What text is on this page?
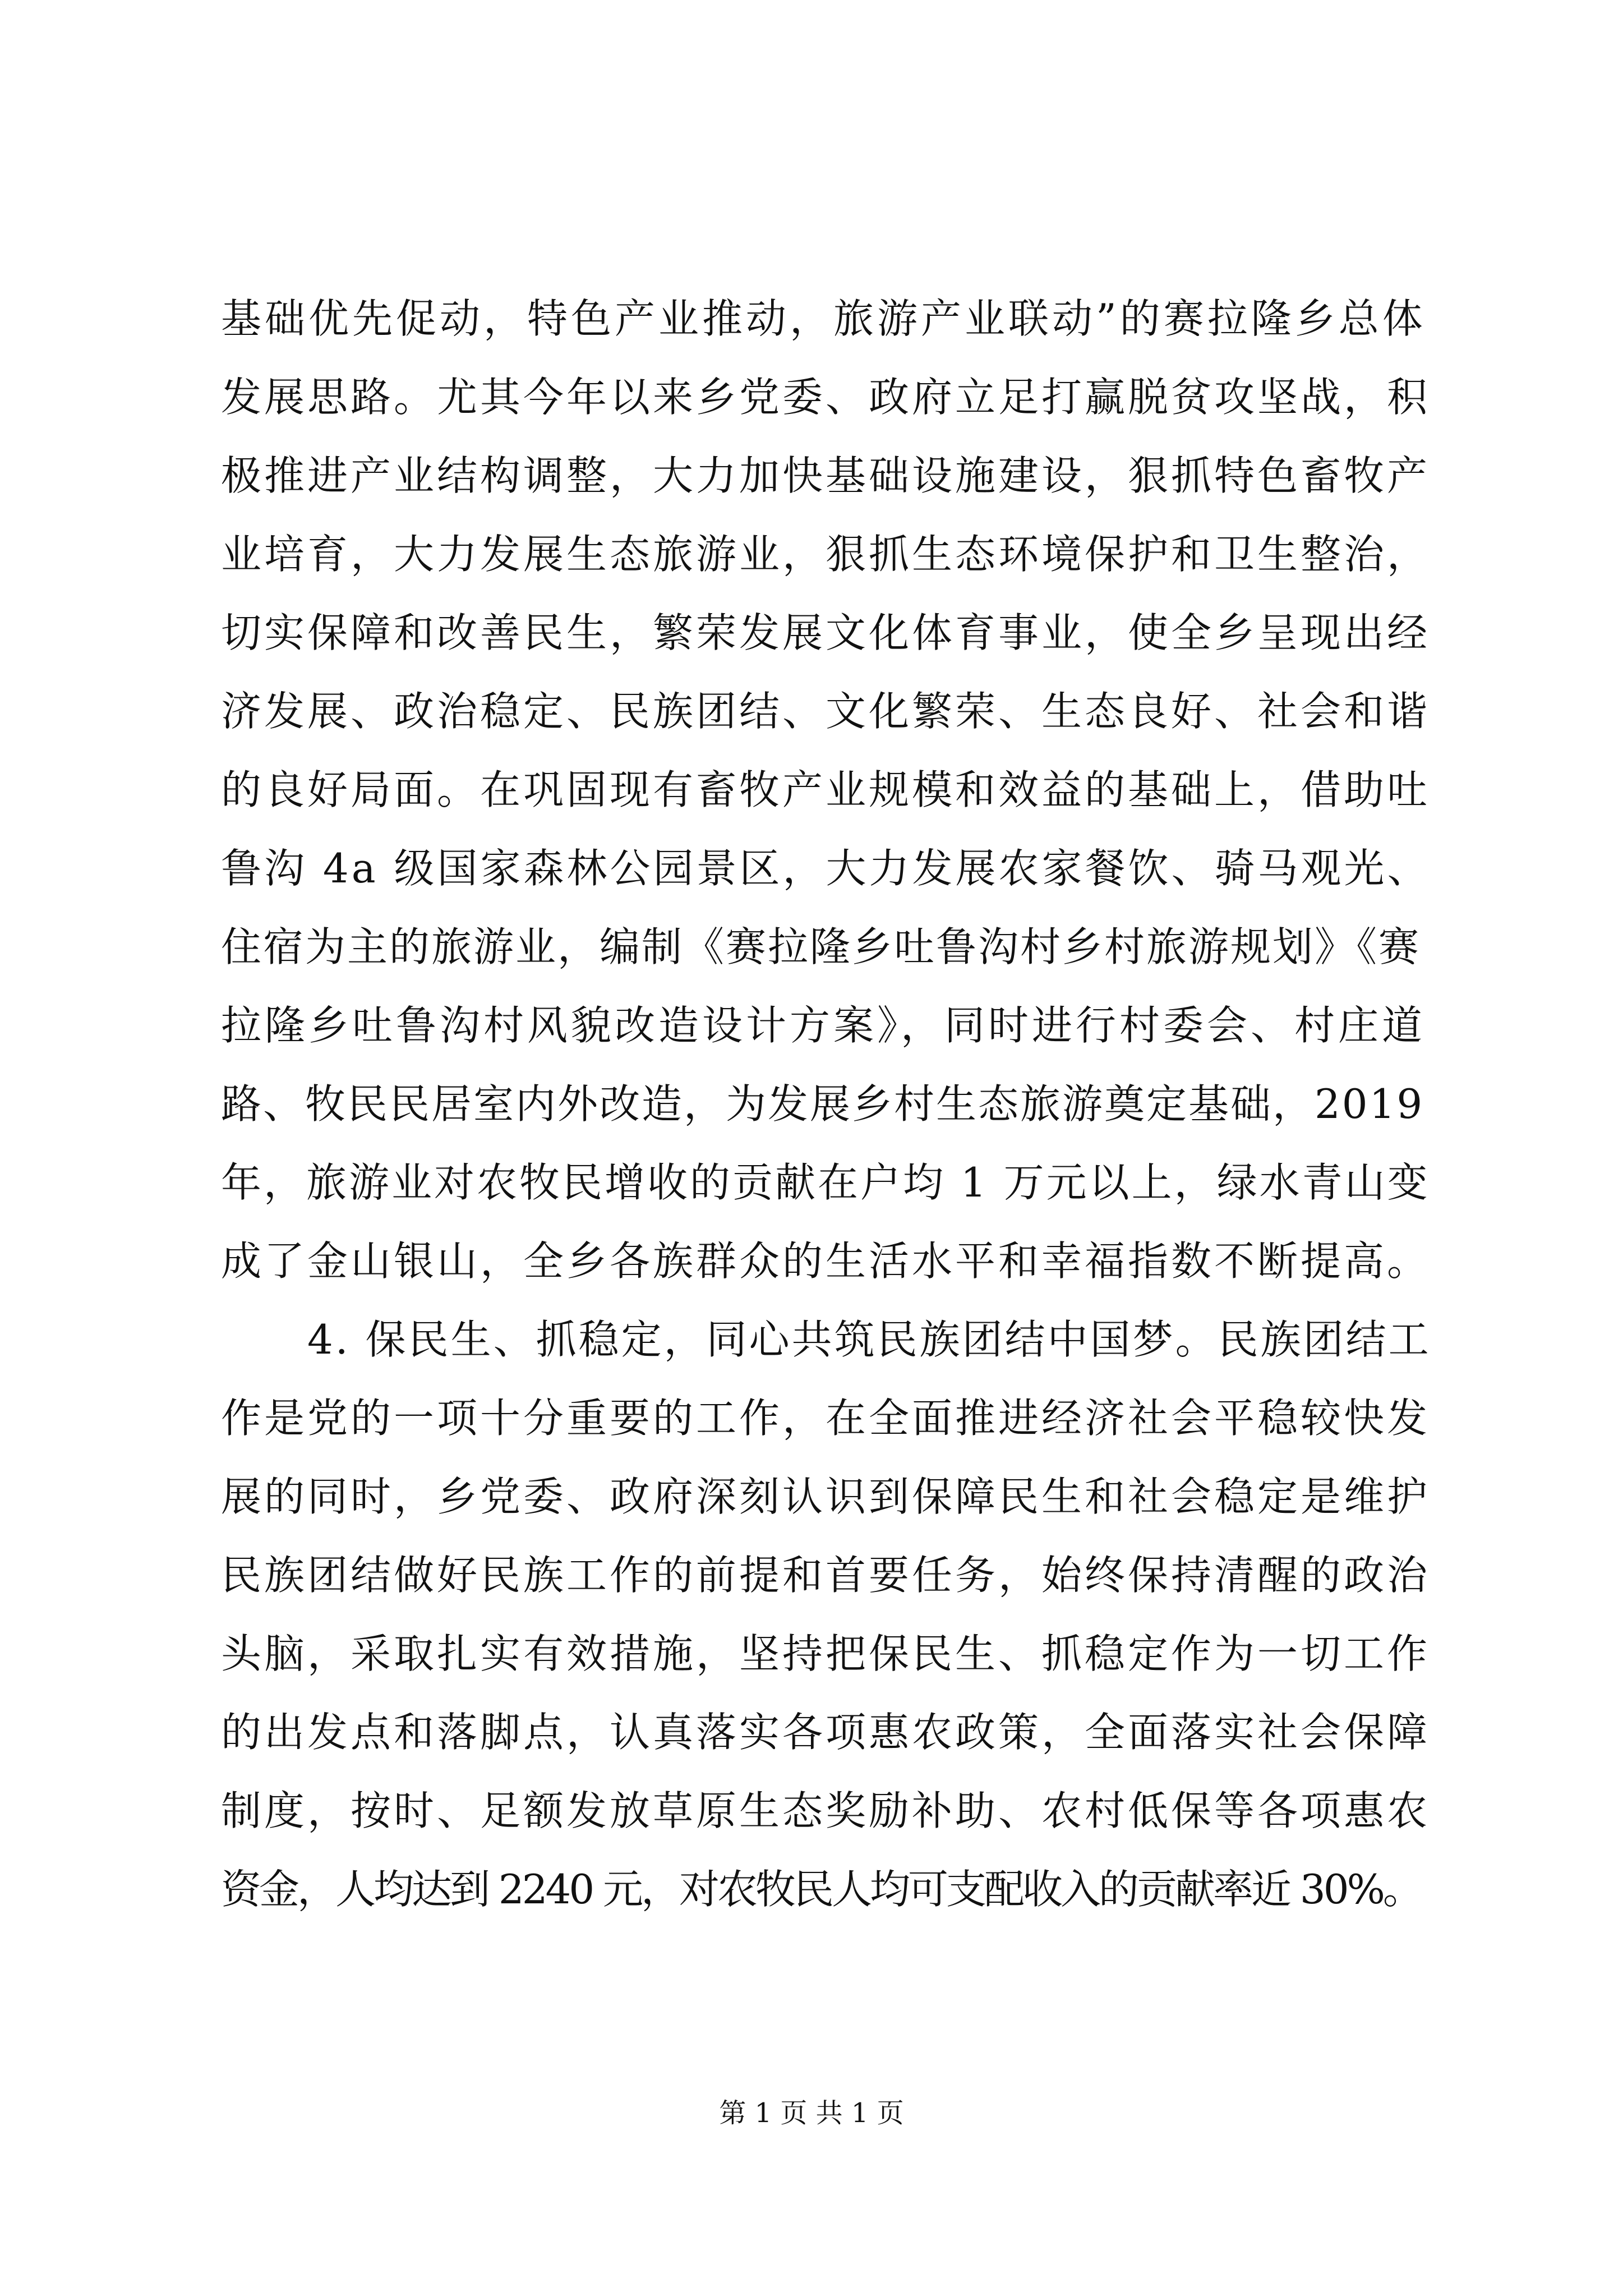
基础优先促动，特色产业推动，旅游产业联动”的赛拉隆乡总体
发展思路。尤其今年以来乡党委、政府立足打赢脱贫攻坚战，积
极推进产业结构调整，大力加快基础设施建设，狠抓特色畜牧产
业培育，大力发展生态旅游业，狠抓生态环境保护和卫生整治，
切实保障和改善民生，繁荣发展文化体育事业，使全乡呈现出经
济发展、政治稳定、民族团结、文化繁荣、生态良好、社会和谐
的良好局面。在巩固现有畜牧产业规模和效益的基础上，借助吐
鲁沟 4a 级国家森林公园景区，大力发展农家餐饮、骑马观光、
住宿为主的旅游业，编制《赛拉隆乡吐鲁沟村乡村旅游规划》《赛
拉隆乡吐鲁沟村风貌改造设计方案》，同时进行村委会、村庄道
路、牧民民居室内外改造，为发展乡村生态旅游奠定基础，2019
年，旅游业对农牧民增收的贡献在户均 1 万元以上，绿水青山变
成了金山银山，全乡各族群众的生活水平和幸福指数不断提高。
4. 保民生、抓稳定，同心共筑民族团结中国梦。民族团结工
作是党的一项十分重要的工作，在全面推进经济社会平稳较快发
展的同时，乡党委、政府深刻认识到保障民生和社会稳定是维护
民族团结做好民族工作的前提和首要任务，始终保持清醒的政治
头脑，采取扎实有效措施，坚持把保民生、抓稳定作为一切工作
的出发点和落脚点，认真落实各项惠农政策，全面落实社会保障
制度，按时、足额发放草原生态奖励补助、农村低保等各项惠农
资金，人均达到 2240 元，对农牧民人均可支配收入的贡献率近 30%。
第 1 页 共 1 页
